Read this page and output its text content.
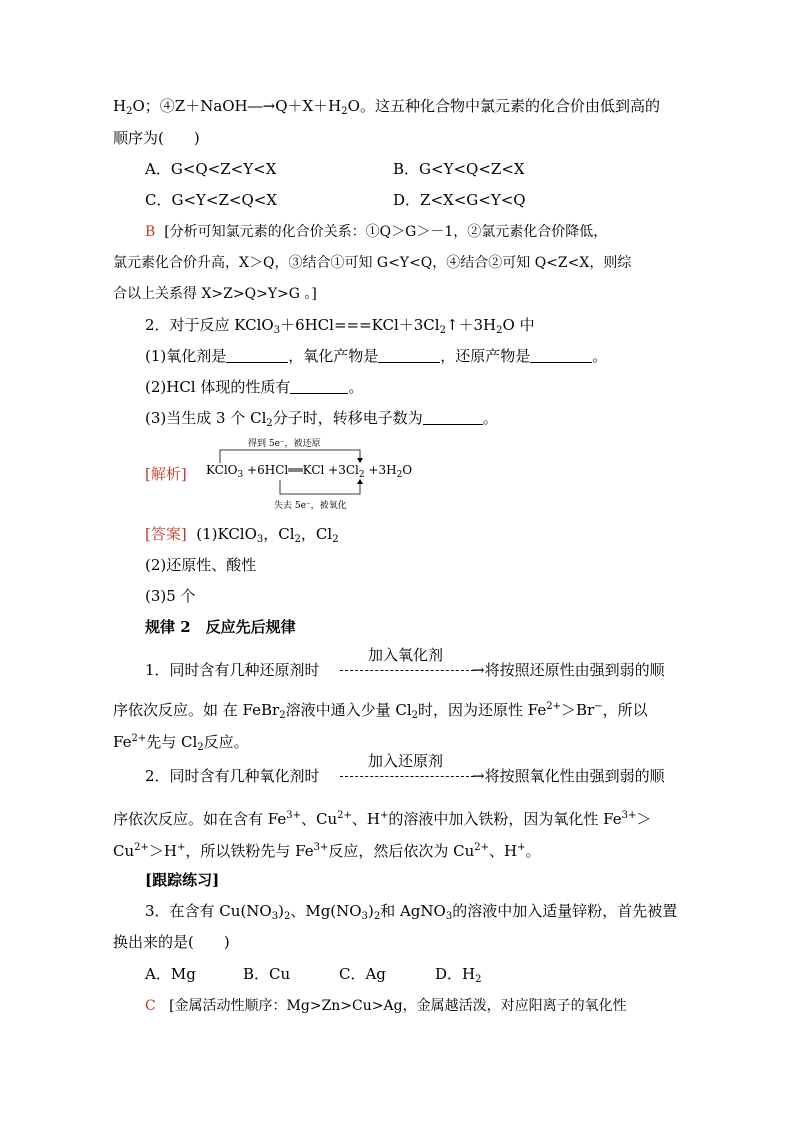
$H_2O$；$④Z+NaOH―\to Q+X+H_2O$。这五种化合物中氯元素的化合价由低到高的
顺序为(　　)
A．G<Q<Z<Y<X	B．G<Y<Q<Z<X
C．G<Y<Z<Q<X	D．Z<X<G<Y<Q
B [分析可知氯元素的化合价关系：①Q＞G＞－1，②氯元素化合价降低，
氯元素化合价升高，X＞Q，③结合①可知 G<Y<Q，④结合②可知 Q<Z<X，则综
合以上关系得 X>Z>Q>Y>G 。]
2．对于反应 $KClO_3+6HCl===KCl+3Cl_2↑+3H_2O$ 中
(1)氧化剂是	，氧化产物是	，还原产物是	。
(2)HCl 体现的性质有	。
(3)当生成 3 个 $Cl_2$分子时，转移电子数为	。
[解析]
得到 5e⁻，被还原
KClO$_3$ +6HCl══KCl $+3Cl_2 +3H_2O$
失去 5e⁻，被氧化
[答案] (1)KClO$_3$，$Cl_2$，$Cl_2$
(2)还原性、酸性
(3)5 个
规律 2　反应先后规律
1．同时含有几种还原剂时
加入氧化剂
→将按照还原性由强到弱的顺
序依次反应。如 在 FeBr$_2$溶液中通入少量 $Cl_2$时，因为还原性 $Fe^{2+}>Br^-$，所以
$Fe^{2+}$先与 $Cl_2$反应。
2．同时含有几种氧化剂时
加入还原剂
→将按照氧化性由强到弱的顺
序依次反应。如在含有 $Fe^{3+}$、$Cu^{2+}$、H+的溶液中加入铁粉，因为氧化性 $Fe^{3+}>$
$Cu^{2+}>H^+$，所以铁粉先与 $Fe^{3+}$反应，然后依次为 $Cu^{2+}$、H+。
[跟踪练习]
3．在含有 $Cu(NO_3)_2$、$Mg(NO_3)_2$和 AgNO$_3$的溶液中加入适量锌粉，首先被置
换出来的是(　　)
A．Mg	B．Cu	C．Ag	D．$H_2$
C [金属活动性顺序：Mg>Zn>Cu>Ag，金属越活泼，对应阳离子的氧化性
